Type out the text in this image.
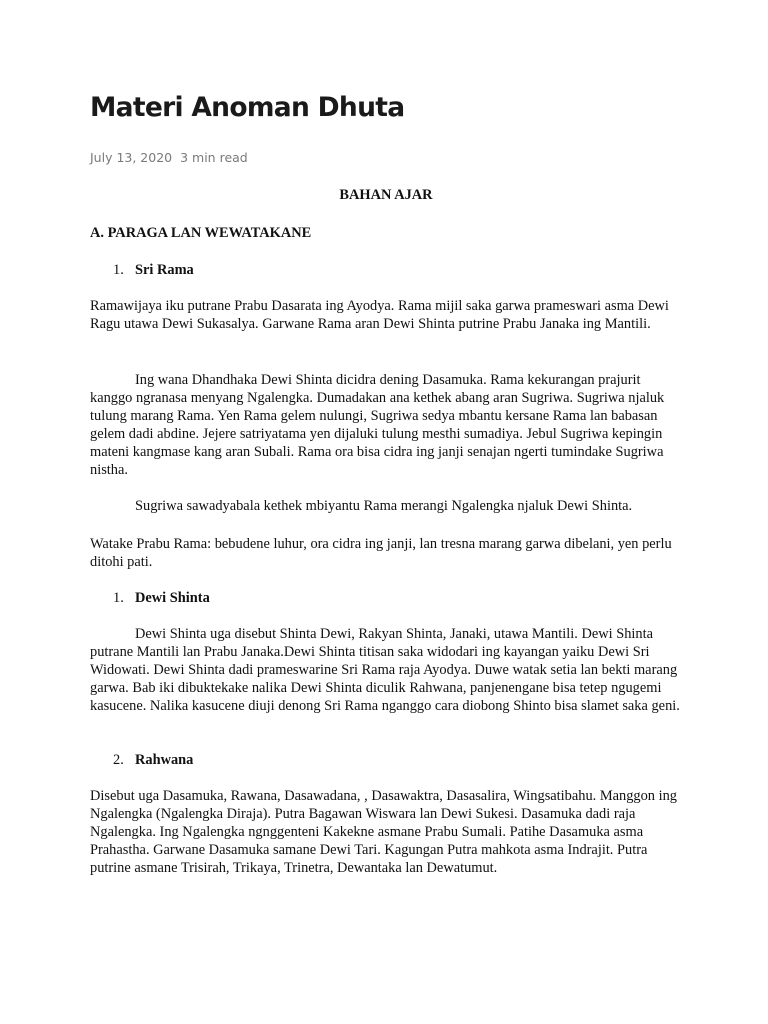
Materi Anoman Dhuta
July 13, 2020 3 min read
BAHAN AJAR
A. PARAGA LAN WEWATAKANE
1. Sri Rama

Ramawijaya iku putrane Prabu Dasarata ing Ayodya. Rama mijil saka garwa prameswari asma Dewi Ragu utawa Dewi Sukasalya. Garwane Rama aran Dewi Shinta putrine Prabu Janaka ing Mantili.

Ing wana Dhandhaka Dewi Shinta dicidra dening Dasamuka. Rama kekurangan prajurit kanggo ngranasa menyang Ngalengka. Dumadakan ana kethek abang aran Sugriwa. Sugriwa njaluk tulung marang Rama. Yen Rama gelem nulungi, Sugriwa sedya mbantu kersane Rama lan babasan gelem dadi abdine. Jejere satriyatama yen dijaluki tulung mesthi sumadiya. Jebul Sugriwa kepingin mateni kangmase kang aran Subali. Rama ora bisa cidra ing janji senajan ngerti tumindake Sugriwa nistha.

Sugriwa sawadyabala kethek mbiyantu Rama merangi Ngalengka njaluk Dewi Shinta.

Watake Prabu Rama: bebudene luhur, ora cidra ing janji, lan tresna marang garwa dibelani, yen perlu ditohi pati.

1. Dewi Shinta

Dewi Shinta uga disebut Shinta Dewi, Rakyan Shinta, Janaki, utawa Mantili. Dewi Shinta putrane Mantili lan Prabu Janaka.Dewi Shinta titisan saka widodari ing kayangan yaiku Dewi Sri Widowati. Dewi Shinta dadi prameswarine Sri Rama raja Ayodya. Duwe watak setia lan bekti marang garwa. Bab iki dibuktekake nalika Dewi Shinta diculik Rahwana, panjenengane bisa tetep ngugemi kasucene. Nalika kasucene diuji denong Sri Rama nganggo cara diobong Shinto bisa slamet saka geni.

2. Rahwana

Disebut uga Dasamuka, Rawana, Dasawadana, , Dasawaktra, Dasasalira, Wingsatibahu. Manggon ing Ngalengka (Ngalengka Diraja). Putra Bagawan Wiswara lan Dewi Sukesi. Dasamuka dadi raja Ngalengka. Ing Ngalengka ngnggenteni Kakekne asmane Prabu Sumali. Patihe Dasamuka asma Prahastha. Garwane Dasamuka samane Dewi Tari. Kagungan Putra mahkota asma Indrajit. Putra putrine asmane Trisirah, Trikaya, Trinetra, Dewantaka lan Dewatumut.
